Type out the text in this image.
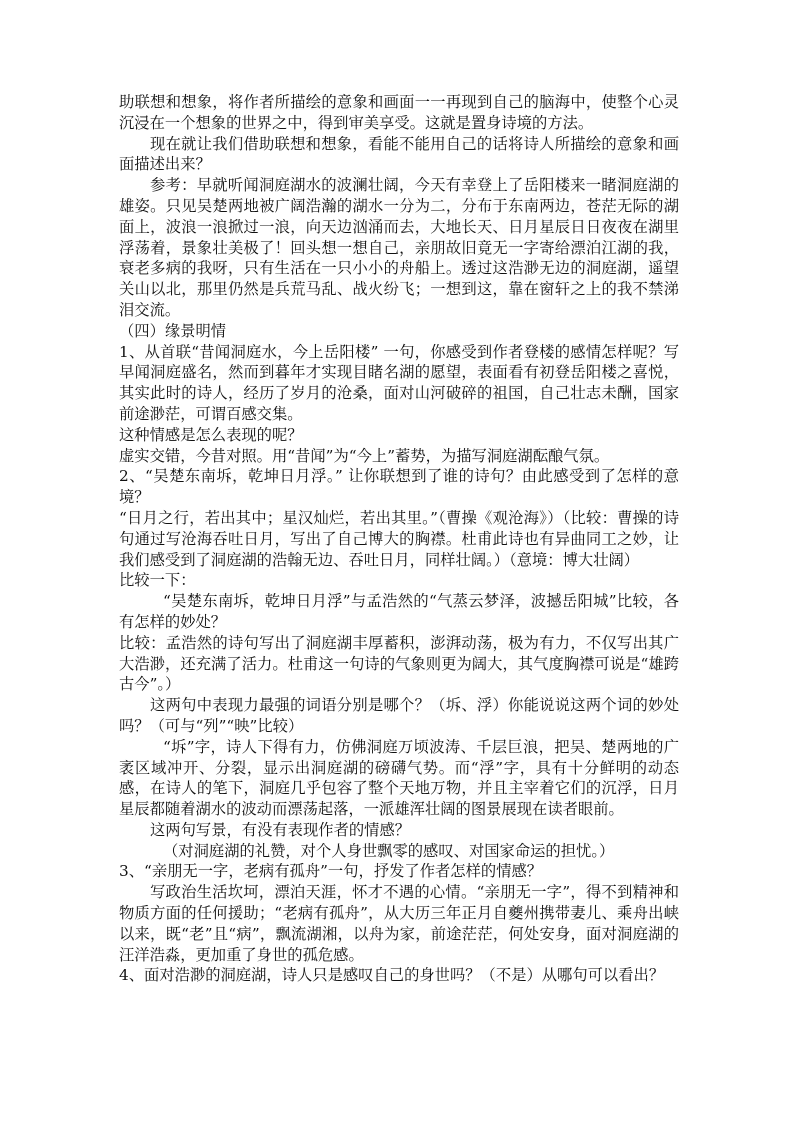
助联想和想象，将作者所描绘的意象和画面一一再现到自己的脑海中，使整个心灵沉浸在一个想象的世界之中，得到审美享受。这就是置身诗境的方法。

现在就让我们借助联想和想象，看能不能用自己的话将诗人所描绘的意象和画面描述出来？

参考：早就听闻洞庭湖水的波澜壮阔，今天有幸登上了岳阳楼来一睹洞庭湖的雄姿。只见吴楚两地被广阔浩瀚的湖水一分为二，分布于东南两边，苍茫无际的湖面上，波浪一浪掀过一浪，向天边汹涌而去，大地长天、日月星辰日日夜夜在湖里浮荡着，景象壮美极了！回头想一想自己，亲朋故旧竟无一字寄给漂泊江湖的我，衰老多病的我呀，只有生活在一只小小的舟船上。透过这浩渺无边的洞庭湖，遥望关山以北，那里仍然是兵荒马乱、战火纷飞；一想到这，靠在窗轩之上的我不禁涕泪交流。

（四）缘景明情

1、从首联“昔闻洞庭水，今上岳阳楼” 一句，你感受到作者登楼的感情怎样呢？写早闻洞庭盛名，然而到暮年才实现目睹名湖的愿望，表面看有初登岳阳楼之喜悦，其实此时的诗人，经历了岁月的沧桑，面对山河破碎的祖国，自己壮志未酬，国家前途渺茫，可谓百感交集。

这种情感是怎么表现的呢？

虚实交错，今昔对照。用“昔闻”为“今上”蓄势，为描写洞庭湖酝酿气氛。

2、“吴楚东南坼，乾坤日月浮。” 让你联想到了谁的诗句？由此感受到了怎样的意境？

“日月之行，若出其中；星汉灿烂，若出其里。”（曹操《观沧海》）（比较：曹操的诗句通过写沧海吞吐日月，写出了自己博大的胸襟。杜甫此诗也有异曲同工之妙，让我们感受到了洞庭湖的浩翰无边、吞吐日月，同样壮阔。）（意境：博大壮阔）

比较一下：

“吴楚东南坼，乾坤日月浮”与孟浩然的“气蒸云梦泽，波撼岳阳城”比较，各有怎样的妙处？

比较：孟浩然的诗句写出了洞庭湖丰厚蓄积，澎湃动荡，极为有力，不仅写出其广大浩渺，还充满了活力。杜甫这一句诗的气象则更为阔大，其气度胸襟可说是“雄跨古今”。）

这两句中表现力最强的词语分别是哪个？（坼、浮）你能说说这两个词的妙处吗？（可与“列”“映”比较）

“坼”字，诗人下得有力，仿佛洞庭万顷波涛、千层巨浪，把吴、楚两地的广袤区域冲开、分裂，显示出洞庭湖的磅礴气势。而“浮”字，具有十分鲜明的动态感，在诗人的笔下，洞庭几乎包容了整个天地万物，并且主宰着它们的沉浮，日月星辰都随着湖水的波动而漂荡起落，一派雄浑壮阔的图景展现在读者眼前。

这两句写景，有没有表现作者的情感？

（对洞庭湖的礼赞，对个人身世飘零的感叹、对国家命运的担忧。）

3、“亲朋无一字，老病有孤舟”一句，抒发了作者怎样的情感？

写政治生活坎坷，漂泊天涯，怀才不遇的心情。“亲朋无一字”，得不到精神和物质方面的任何援助；“老病有孤舟”，从大历三年正月自夔州携带妻儿、乘舟出峡以来，既“老”且“病”，飘流湖湘，以舟为家，前途茫茫，何处安身，面对洞庭湖的汪洋浩淼，更加重了身世的孤危感。

4、面对浩渺的洞庭湖，诗人只是感叹自己的身世吗？（不是）从哪句可以看出？
